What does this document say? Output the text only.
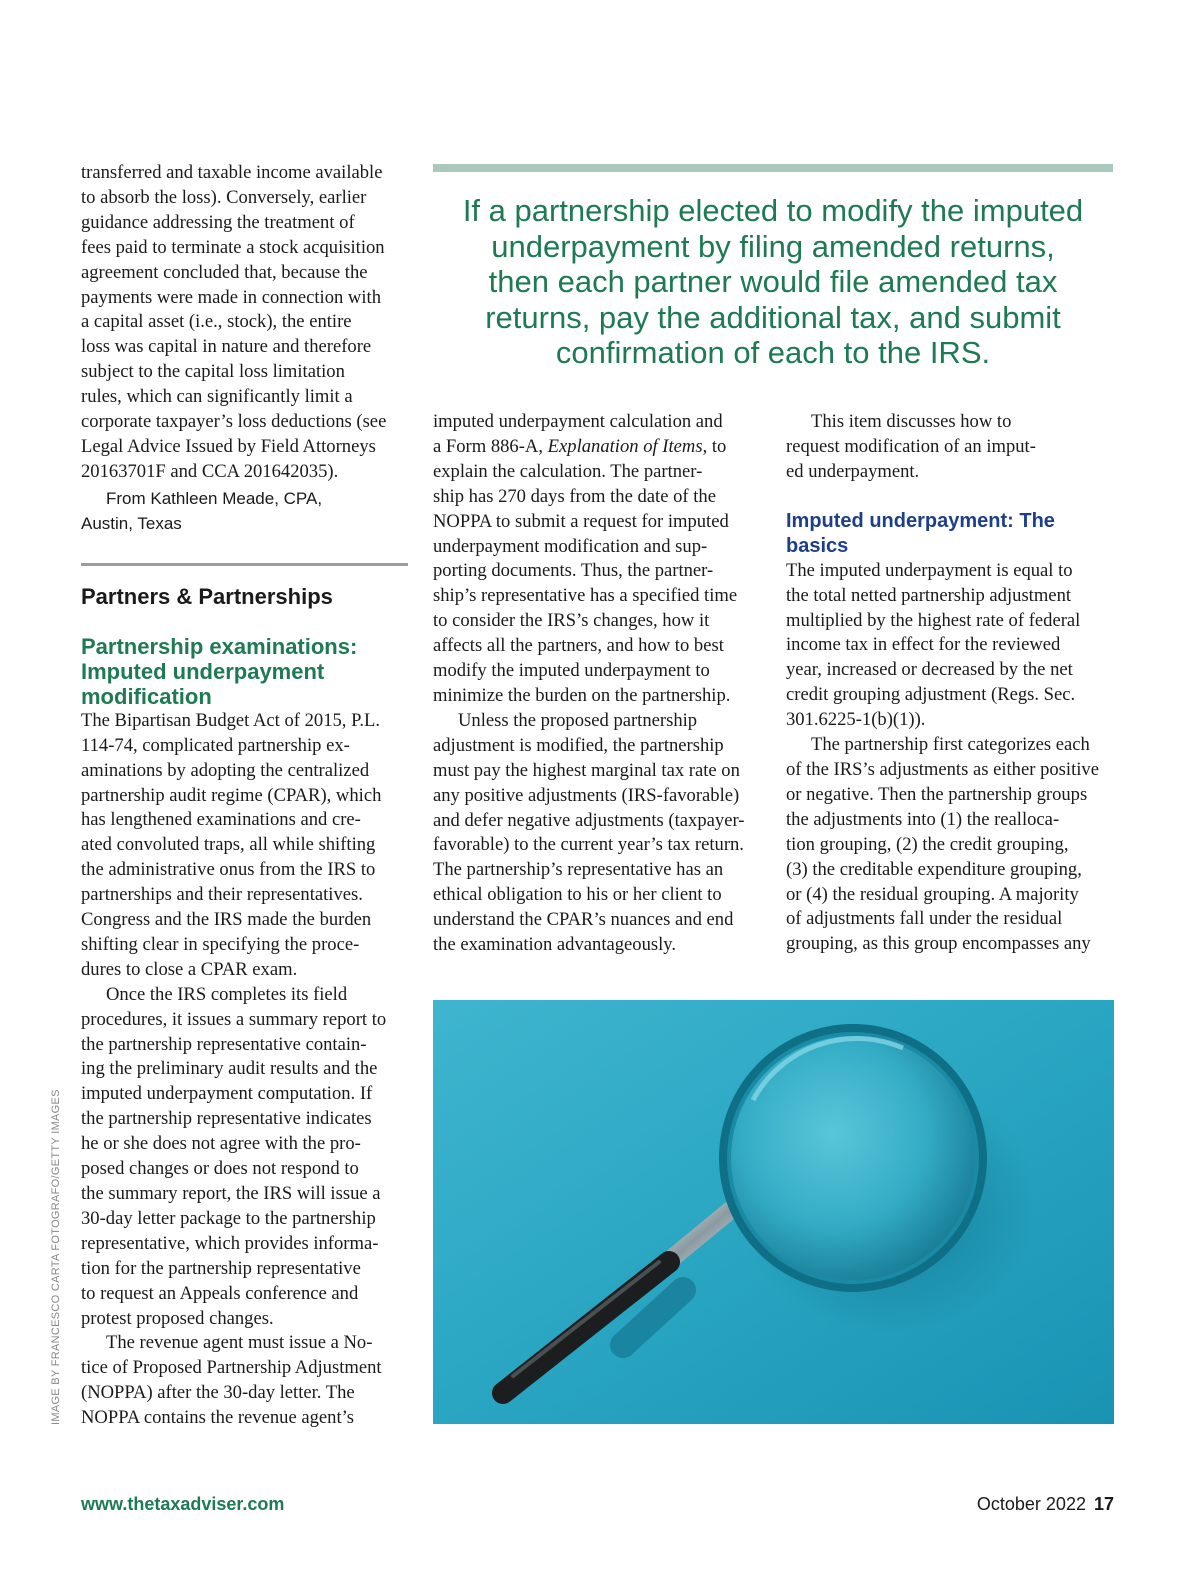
If a partnership elected to modify the imputed
underpayment by filing amended returns,
then each partner would file amended tax
returns, pay the additional tax, and submit
confirmation of each to the IRS.

transferred and taxable income available
to absorb the loss). Conversely, earlier
guidance addressing the treatment of
fees paid to terminate a stock acquisition
agreement concluded that, because the
payments were made in connection with
a capital asset (i.e., stock), the entire
loss was capital in nature and therefore
subject to the capital loss limitation
rules, which can significantly limit a
corporate taxpayer’s loss deductions (see
Legal Advice Issued by Field Attorneys
20163701F and CCA 201642035).

From Kathleen Meade, CPA,
Austin, Texas
Partners & Partnerships
Partnership examinations:
Imputed underpayment
modification

The Bipartisan Budget Act of 2015, P.L.
114-74, complicated partnership ex-
aminations by adopting the centralized
partnership audit regime (CPAR), which
has lengthened examinations and cre-
ated convoluted traps, all while shifting
the administrative onus from the IRS to
partnerships and their representatives.
Congress and the IRS made the burden
shifting clear in specifying the proce-
dures to close a CPAR exam.

Once the IRS completes its field
procedures, it issues a summary report to
the partnership representative contain-
ing the preliminary audit results and the
imputed underpayment computation. If
the partnership representative indicates
he or she does not agree with the pro-
posed changes or does not respond to
the summary report, the IRS will issue a
30-day letter package to the partnership
representative, which provides informa-
tion for the partnership representative
to request an Appeals conference and
protest proposed changes.

The revenue agent must issue a No-
tice of Proposed Partnership Adjustment
(NOPPA) after the 30-day letter. The
NOPPA contains the revenue agent’s

imputed underpayment calculation and
a Form 886-A, Explanation of Items, to
explain the calculation. The partner-
ship has 270 days from the date of the
NOPPA to submit a request for imputed
underpayment modification and sup-
porting documents. Thus, the partner-
ship’s representative has a specified time
to consider the IRS’s changes, how it
affects all the partners, and how to best
modify the imputed underpayment to
minimize the burden on the partnership.

Unless the proposed partnership
adjustment is modified, the partnership
must pay the highest marginal tax rate on
any positive adjustments (IRS-favorable)
and defer negative adjustments (taxpayer-
favorable) to the current year’s tax return.
The partnership’s representative has an
ethical obligation to his or her client to
understand the CPAR’s nuances and end
the examination advantageously.

This item discusses how to
request modification of an imput-
ed underpayment.

Imputed underpayment: The
basics

The imputed underpayment is equal to
the total netted partnership adjustment
multiplied by the highest rate of federal
income tax in effect for the reviewed
year, increased or decreased by the net
credit grouping adjustment (Regs. Sec.
301.6225-1(b)(1)).

The partnership first categorizes each
of the IRS’s adjustments as either positive
or negative. Then the partnership groups
the adjustments into (1) the realloca-
tion grouping, (2) the credit grouping,
(3) the creditable expenditure grouping,
or (4) the residual grouping. A majority
of adjustments fall under the residual
grouping, as this group encompasses any

IMAGE BY FRANCESCO CARTA FOTOGRAFO/GETTY IMAGES
www.thetaxadviser.com	October 2022 17
